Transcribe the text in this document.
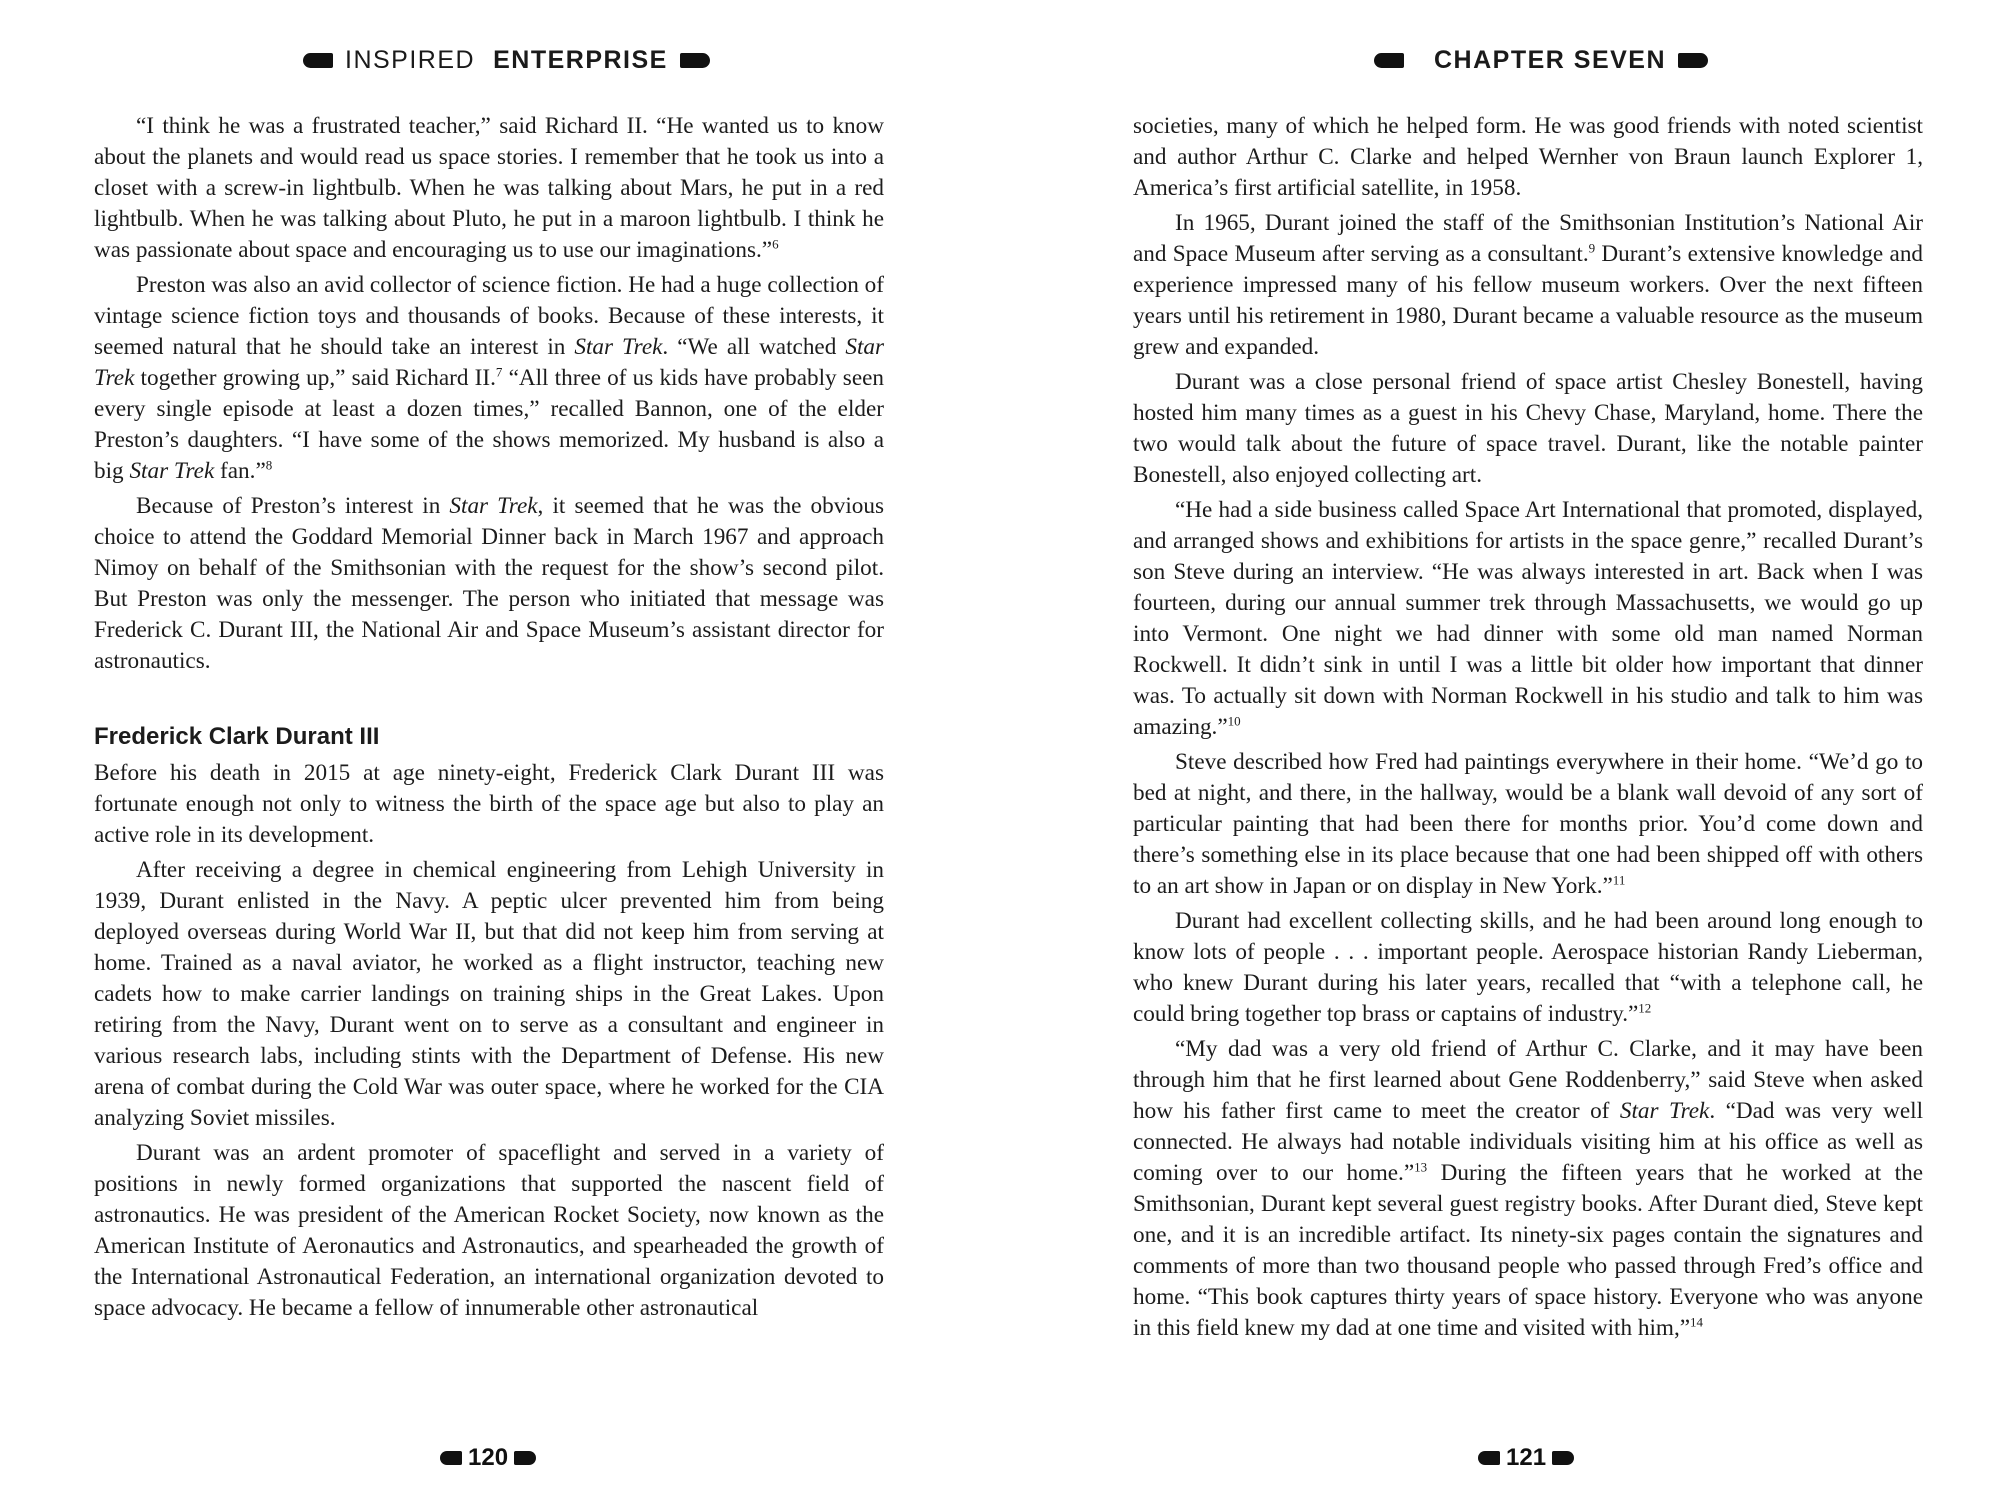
INSPIRED ENTERPRISE

“I think he was a frustrated teacher,” said Richard II. “He wanted us to know about the planets and would read us space stories. I remember that he took us into a closet with a screw-in lightbulb. When he was talking about Mars, he put in a red lightbulb. When he was talking about Pluto, he put in a maroon lightbulb. I think he was passionate about space and encouraging us to use our imaginations.”$^6$

Preston was also an avid collector of science fiction. He had a huge collection of vintage science fiction toys and thousands of books. Because of these interests, it seemed natural that he should take an interest in Star Trek. “We all watched Star Trek together growing up,” said Richard II.$^7$ “All three of us kids have probably seen every single episode at least a dozen times,” recalled Bannon, one of the elder Preston’s daughters. “I have some of the shows memorized. My husband is also a big Star Trek fan.”$^8$

Because of Preston’s interest in Star Trek, it seemed that he was the obvious choice to attend the Goddard Memorial Dinner back in March 1967 and approach Nimoy on behalf of the Smithsonian with the request for the show’s second pilot. But Preston was only the messenger. The person who initiated that message was Frederick C. Durant III, the National Air and Space Museum’s assistant director for astronautics.

Frederick Clark Durant III

Before his death in 2015 at age ninety-eight, Frederick Clark Durant III was fortunate enough not only to witness the birth of the space age but also to play an active role in its development.

After receiving a degree in chemical engineering from Lehigh University in 1939, Durant enlisted in the Navy. A peptic ulcer prevented him from being deployed overseas during World War II, but that did not keep him from serving at home. Trained as a naval aviator, he worked as a flight instructor, teaching new cadets how to make carrier landings on training ships in the Great Lakes. Upon retiring from the Navy, Durant went on to serve as a consultant and engineer in various research labs, including stints with the Department of Defense. His new arena of combat during the Cold War was outer space, where he worked for the CIA analyzing Soviet missiles.

Durant was an ardent promoter of spaceflight and served in a variety of positions in newly formed organizations that supported the nascent field of astronautics. He was president of the American Rocket Society, now known as the American Institute of Aeronautics and Astronautics, and spearheaded the growth of the International Astronautical Federation, an international organization devoted to space advocacy. He became a fellow of innumerable other astronautical

120
CHAPTER SEVEN

societies, many of which he helped form. He was good friends with noted scientist and author Arthur C. Clarke and helped Wernher von Braun launch Explorer 1, America’s first artificial satellite, in 1958.

In 1965, Durant joined the staff of the Smithsonian Institution’s National Air and Space Museum after serving as a consultant.$^9$ Durant’s extensive knowledge and experience impressed many of his fellow museum workers. Over the next fifteen years until his retirement in 1980, Durant became a valuable resource as the museum grew and expanded.

Durant was a close personal friend of space artist Chesley Bonestell, having hosted him many times as a guest in his Chevy Chase, Maryland, home. There the two would talk about the future of space travel. Durant, like the notable painter Bonestell, also enjoyed collecting art.

“He had a side business called Space Art International that promoted, displayed, and arranged shows and exhibitions for artists in the space genre,” recalled Durant’s son Steve during an interview. “He was always interested in art. Back when I was fourteen, during our annual summer trek through Massachusetts, we would go up into Vermont. One night we had dinner with some old man named Norman Rockwell. It didn’t sink in until I was a little bit older how important that dinner was. To actually sit down with Norman Rockwell in his studio and talk to him was amazing.”$^{10}$

Steve described how Fred had paintings everywhere in their home. “We’d go to bed at night, and there, in the hallway, would be a blank wall devoid of any sort of particular painting that had been there for months prior. You’d come down and there’s something else in its place because that one had been shipped off with others to an art show in Japan or on display in New York.”$^{11}$

Durant had excellent collecting skills, and he had been around long enough to know lots of people . . . important people. Aerospace historian Randy Lieberman, who knew Durant during his later years, recalled that “with a telephone call, he could bring together top brass or captains of industry.”$^{12}$

“My dad was a very old friend of Arthur C. Clarke, and it may have been through him that he first learned about Gene Roddenberry,” said Steve when asked how his father first came to meet the creator of Star Trek. “Dad was very well connected. He always had notable individuals visiting him at his office as well as coming over to our home.”$^{13}$ During the fifteen years that he worked at the Smithsonian, Durant kept several guest registry books. After Durant died, Steve kept one, and it is an incredible artifact. Its ninety-six pages contain the signatures and comments of more than two thousand people who passed through Fred’s office and home. “This book captures thirty years of space history. Everyone who was anyone in this field knew my dad at one time and visited with him,”$^{14}$

121
